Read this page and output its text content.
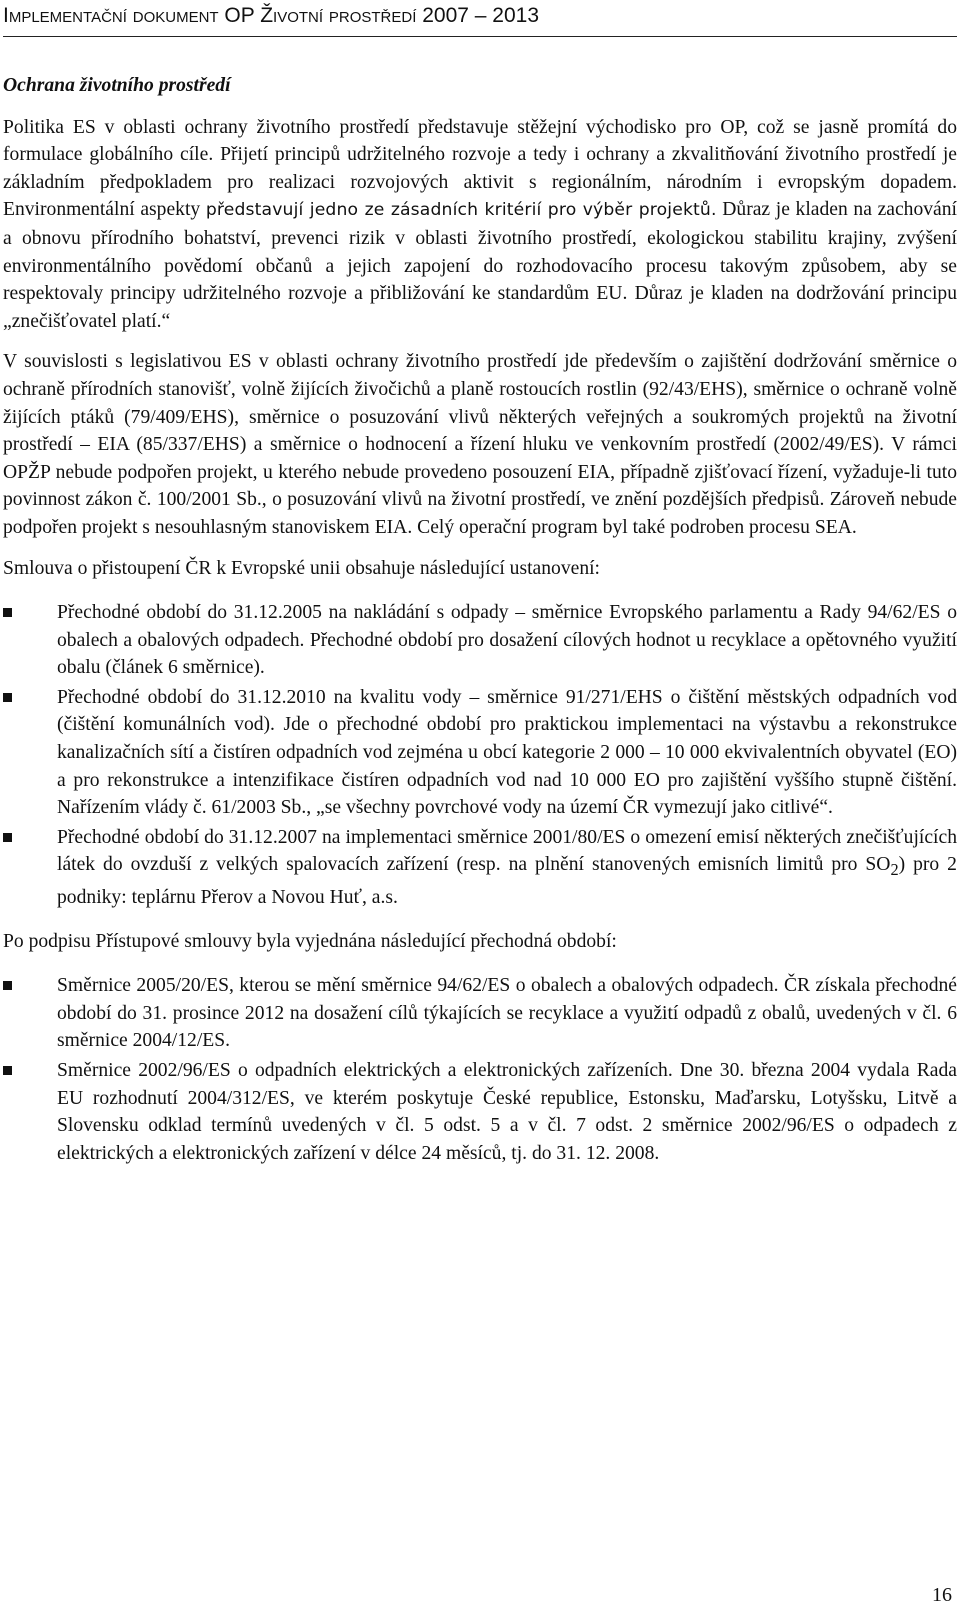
Implementační dokument OP Životní prostředí 2007 – 2013

Ochrana životního prostředí

Politika ES v oblasti ochrany životního prostředí představuje stěžejní východisko pro OP, což se jasně promítá do formulace globálního cíle. Přijetí principů udržitelného rozvoje a tedy i ochrany a zkvalitňování životního prostředí je základním předpokladem pro realizaci rozvojových aktivit s regionálním, národním i evropským dopadem. Environmentální aspekty představují jedno ze zásadních kritérií pro výběr projektů. Důraz je kladen na zachování a obnovu přírodního bohatství, prevenci rizik v oblasti životního prostředí, ekologickou stabilitu krajiny, zvýšení environmentálního povědomí občanů a jejich zapojení do rozhodovacího procesu takovým způsobem, aby se respektovaly principy udržitelného rozvoje a přibližování ke standardům EU. Důraz je kladen na dodržování principu „znečišťovatel platí.“

V souvislosti s legislativou ES v oblasti ochrany životního prostředí jde především o zajištění dodržování směrnice o ochraně přírodních stanovišť, volně žijících živočichů a planě rostoucích rostlin (92/43/EHS), směrnice o ochraně volně žijících ptáků (79/409/EHS), směrnice o posuzování vlivů některých veřejných a soukromých projektů na životní prostředí – EIA (85/337/EHS) a směrnice o hodnocení a řízení hluku ve venkovním prostředí (2002/49/ES). V rámci OPŽP nebude podpořen projekt, u kterého nebude provedeno posouzení EIA, případně zjišťovací řízení, vyžaduje-li tuto povinnost zákon č. 100/2001 Sb., o posuzování vlivů na životní prostředí, ve znění pozdějších předpisů. Zároveň nebude podpořen projekt s nesouhlasným stanoviskem EIA. Celý operační program byl také podroben procesu SEA.

Smlouva o přistoupení ČR k Evropské unii obsahuje následující ustanovení:

Přechodné období do 31.12.2005 na nakládání s odpady – směrnice Evropského parlamentu a Rady 94/62/ES o obalech a obalových odpadech. Přechodné období pro dosažení cílových hodnot u recyklace a opětovného využití obalu (článek 6 směrnice).
Přechodné období do 31.12.2010 na kvalitu vody – směrnice 91/271/EHS o čištění městských odpadních vod (čištění komunálních vod). Jde o přechodné období pro praktickou implementaci na výstavbu a rekonstrukce kanalizačních sítí a čistíren odpadních vod zejména u obcí kategorie 2 000 – 10 000 ekvivalentních obyvatel (EO) a pro rekonstrukce a intenzifikace čistíren odpadních vod nad 10 000 EO pro zajištění vyššího stupně čištění. Nařízením vlády č. 61/2003 Sb., „se všechny povrchové vody na území ČR vymezují jako citlivé“.
Přechodné období do 31.12.2007 na implementaci směrnice 2001/80/ES o omezení emisí některých znečišťujících látek do ovzduší z velkých spalovacích zařízení (resp. na plnění stanovených emisních limitů pro $SO_2$) pro 2 podniky: teplárnu Přerov a Novou Huť, a.s.

Po podpisu Přístupové smlouvy byla vyjednána následující přechodná období:

Směrnice 2005/20/ES, kterou se mění směrnice 94/62/ES o obalech a obalových odpadech. ČR získala přechodné období do 31. prosince 2012 na dosažení cílů týkajících se recyklace a využití odpadů z obalů, uvedených v čl. 6 směrnice 2004/12/ES.
Směrnice 2002/96/ES o odpadních elektrických a elektronických zařízeních. Dne 30. března 2004 vydala Rada EU rozhodnutí 2004/312/ES, ve kterém poskytuje České republice, Estonsku, Maďarsku, Lotyšsku, Litvě a Slovensku odklad termínů uvedených v čl. 5 odst. 5 a v čl. 7 odst. 2 směrnice 2002/96/ES o odpadech z elektrických a elektronických zařízení v délce 24 měsíců, tj. do 31. 12. 2008.
16
